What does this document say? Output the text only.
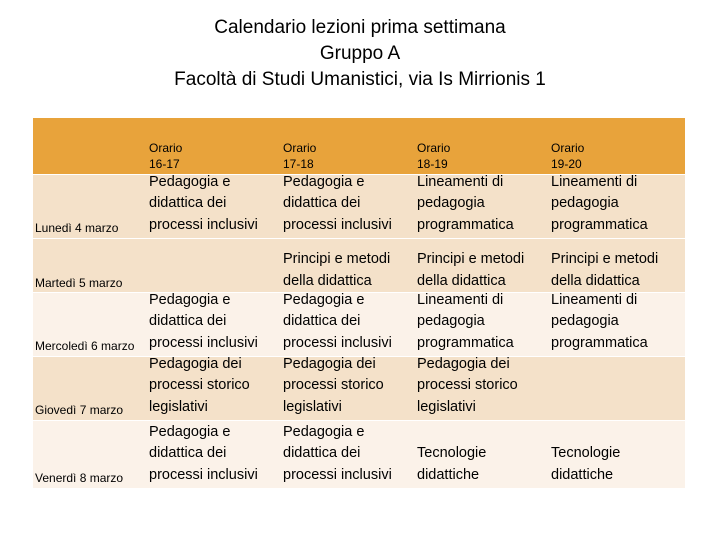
Calendario lezioni prima settimana
Gruppo A
Facoltà di Studi Umanistici, via Is Mirrionis 1
Orario
16-17
Orario
17-18
Orario
18-19
Orario
19-20
Lunedì 4 marzo
Pedagogia e
didattica dei
processi inclusivi
Pedagogia e
didattica dei
processi inclusivi
Lineamenti di
pedagogia
programmatica
Lineamenti di
pedagogia
programmatica
Martedì 5 marzo
Principi e metodi
della didattica
Principi e metodi
della didattica
Principi e metodi
della didattica
Mercoledì 6 marzo
Pedagogia e
didattica dei
processi inclusivi
Pedagogia e
didattica dei
processi inclusivi
Lineamenti di
pedagogia
programmatica
Lineamenti di
pedagogia
programmatica
Giovedì 7 marzo
Pedagogia dei
processi storico
legislativi
Pedagogia dei
processi storico
legislativi
Pedagogia dei
processi storico
legislativi
Venerdì 8 marzo
Pedagogia e
didattica dei
processi inclusivi
Pedagogia e
didattica dei
processi inclusivi
Tecnologie
didattiche
Tecnologie
didattiche
